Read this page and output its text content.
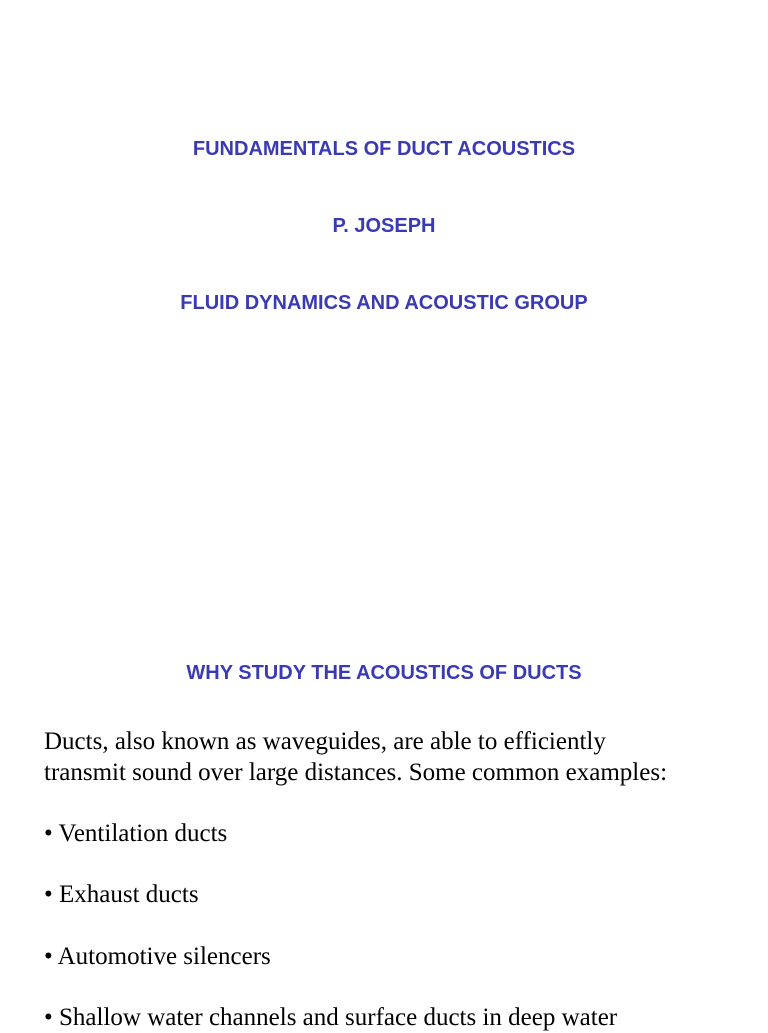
FUNDAMENTALS OF DUCT ACOUSTICS
P. JOSEPH
FLUID DYNAMICS AND ACOUSTIC GROUP
WHY STUDY THE ACOUSTICS OF DUCTS
Ducts, also known as waveguides, are able to efficiently
transmit sound over large distances. Some common examples:
• Ventilation ducts
• Exhaust ducts
• Automotive silencers
• Shallow water channels and surface ducts in deep water
